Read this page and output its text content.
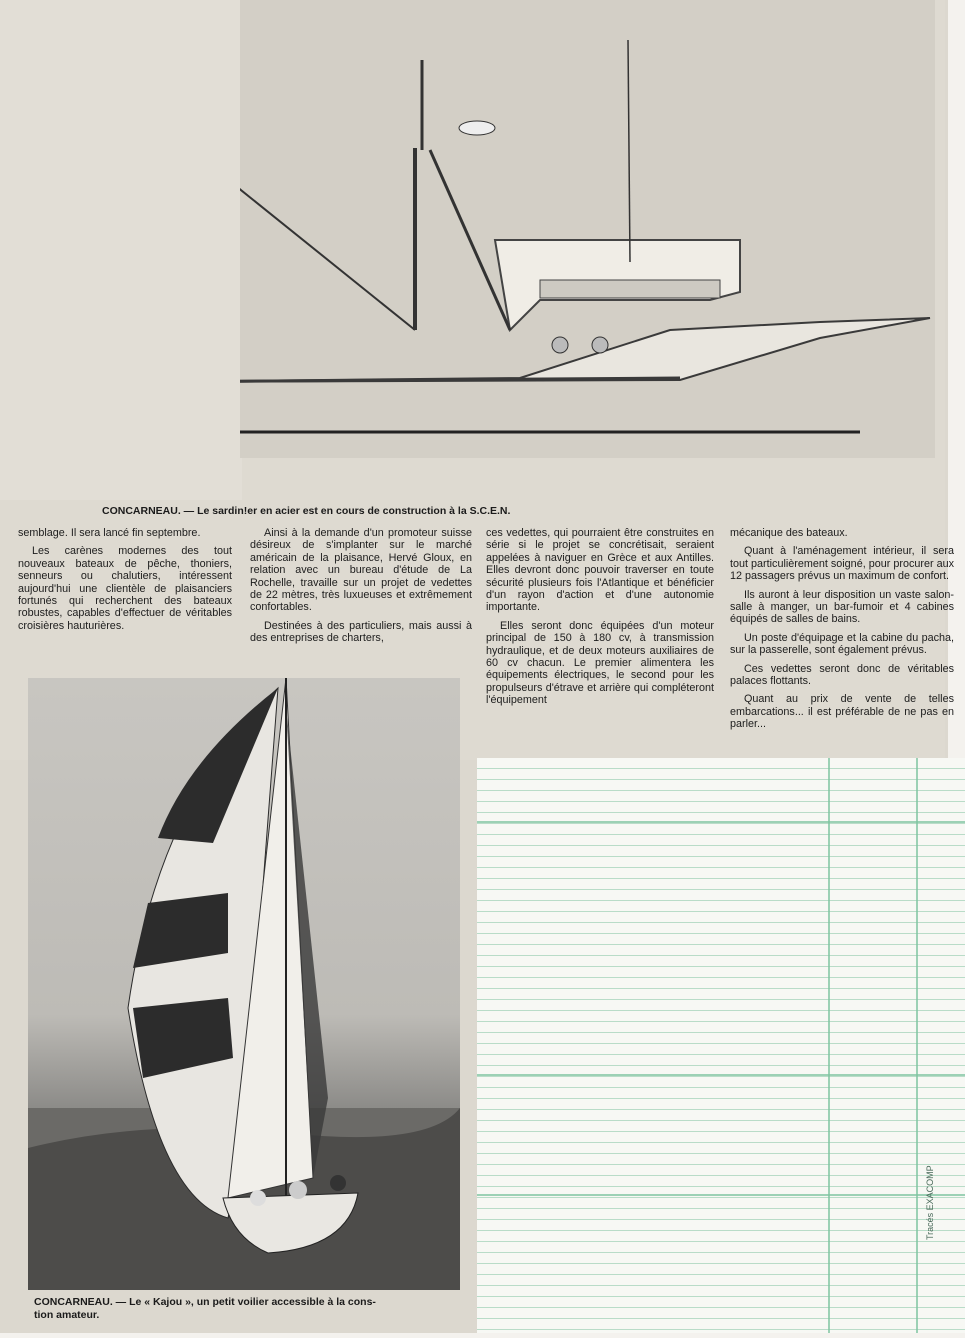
CONCARNEAU. — Le sardin!er en acier est en cours de construction à la S.C.E.N.

semblage. Il sera lancé fin septembre.

Les carènes modernes des tout nouveaux bateaux de pêche, thoniers, senneurs ou chalutiers, intéressent aujourd'hui une clientèle de plaisanciers fortunés qui recherchent des bateaux robustes, capables d'effectuer de véritables croisières hauturières.

Ainsi à la demande d'un promoteur suisse désireux de s'implanter sur le marché américain de la plaisance, Hervé Gloux, en relation avec un bureau d'étude de La Rochelle, travaille sur un projet de vedettes de 22 mètres, très luxueuses et extrêmement confortables.

Destinées à des particuliers, mais aussi à des entreprises de charters,

ces vedettes, qui pourraient être construites en série si le projet se concrétisait, seraient appelées à naviguer en Grèce et aux Antilles. Elles devront donc pouvoir traverser en toute sécurité plusieurs fois l'Atlantique et bénéficier d'un rayon d'action et d'une autonomie importante.

Elles seront donc équipées d'un moteur principal de 150 à 180 cv, à transmission hydraulique, et de deux moteurs auxiliaires de 60 cv chacun. Le premier alimentera les équipements électriques, le second pour les propulseurs d'étrave et arrière qui compléteront l'équipement

mécanique des bateaux.

Quant à l'aménagement intérieur, il sera tout particulièrement soigné, pour procurer aux 12 passagers prévus un maximum de confort.

Ils auront à leur disposition un vaste salon-salle à manger, un bar-fumoir et 4 cabines équipés de salles de bains.

Un poste d'équipage et la cabine du pacha, sur la passerelle, sont également prévus.

Ces vedettes seront donc de véritables palaces flottants.

Quant au prix de vente de telles embarcations... il est préférable de ne pas en parler...

CONCARNEAU. — Le « Kajou », un petit voilier accessible à la cons-
tion amateur.
Tracés EXACOMP
